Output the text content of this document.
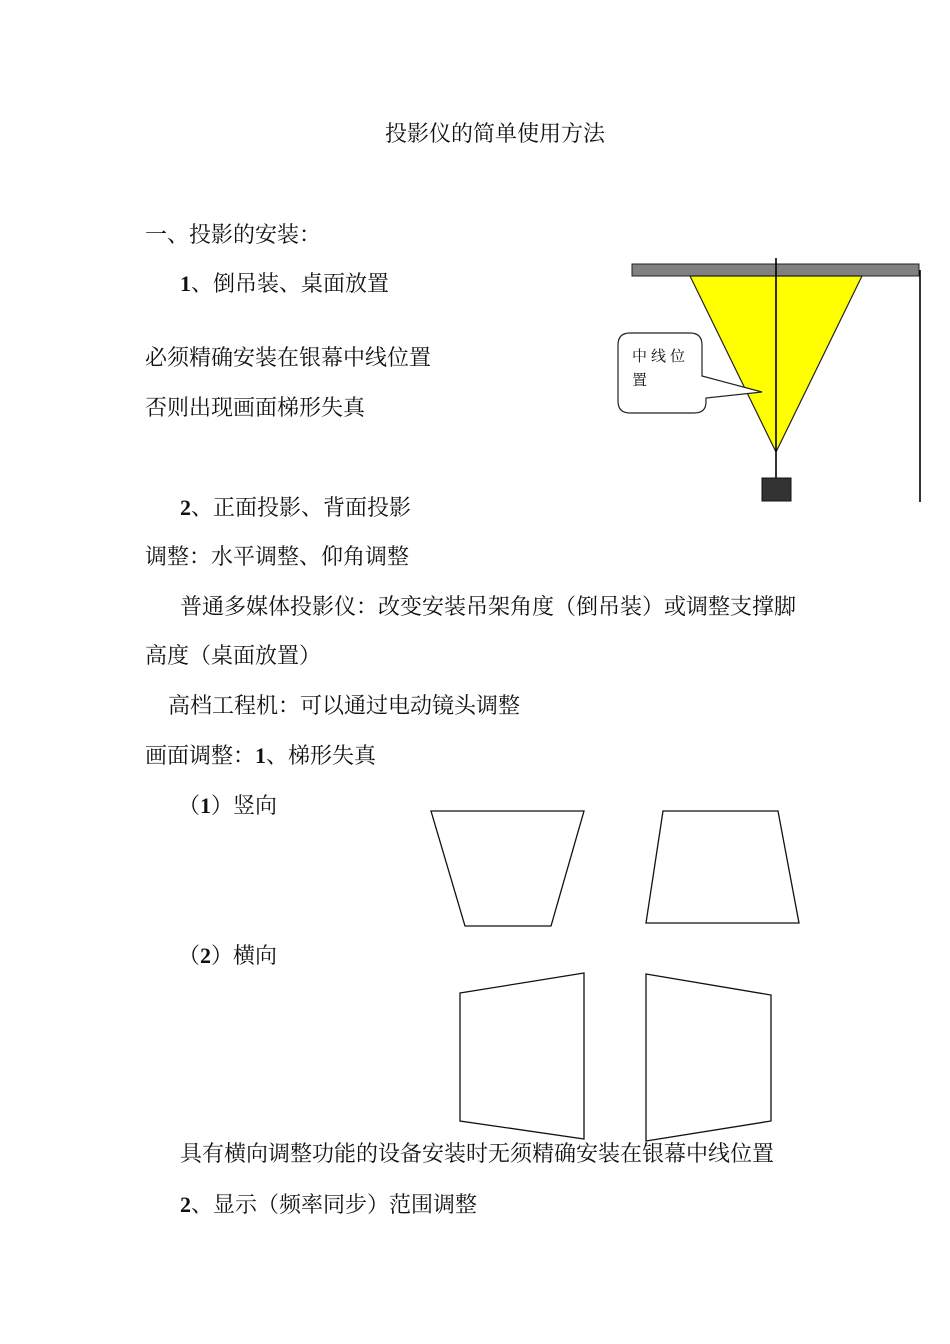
投影仪的简单使用方法
一、投影的安装：
1、倒吊装、桌面放置
必须精确安装在银幕中线位置
否则出现画面梯形失真
2、正面投影、背面投影
调整：水平调整、仰角调整
普通多媒体投影仪：改变安装吊架角度（倒吊装）或调整支撑脚
高度（桌面放置）
高档工程机：可以通过电动镜头调整
画面调整：1、梯形失真
（1）竖向
（2）横向
具有横向调整功能的设备安装时无须精确安装在银幕中线位置
2、显示（频率同步）范围调整
中线位置
